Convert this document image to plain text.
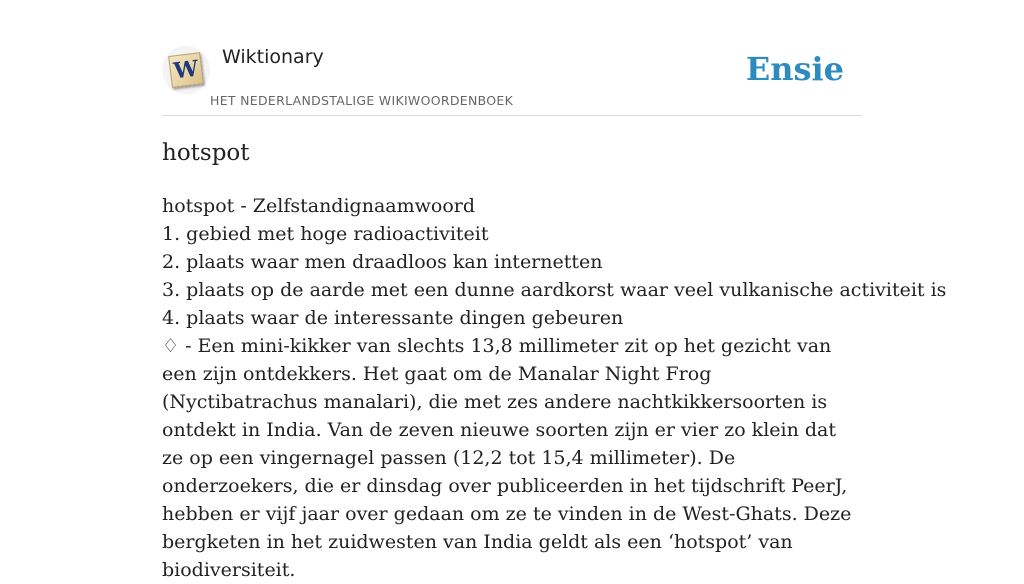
W Wiktionary
HET NEDERLANDSTALIGE WIKIWOORDENBOEK
Ensie
hotspot
hotspot - Zelfstandignaamwoord
1. gebied met hoge radioactiviteit
2. plaats waar men draadloos kan internetten
3. plaats op de aarde met een dunne aardkorst waar veel vulkanische activiteit is
4. plaats waar de interessante dingen gebeuren

♢ - Een mini-kikker van slechts 13,8 millimeter zit op het gezicht van een zijn ontdekkers. Het gaat om de Manalar Night Frog (Nyctibatrachus manalari), die met zes andere nachtkikkersoorten is ontdekt in India. Van de zeven nieuwe soorten zijn er vier zo klein dat ze op een vingernagel passen (12,2 tot 15,4 millimeter). De onderzoekers, die er dinsdag over publiceerden in het tijdschrift PeerJ, hebben er vijf jaar over gedaan om ze te vinden in de West-Ghats. Deze bergketen in het zuidwesten van India geldt als een ‘hotspot’ van biodiversiteit.
